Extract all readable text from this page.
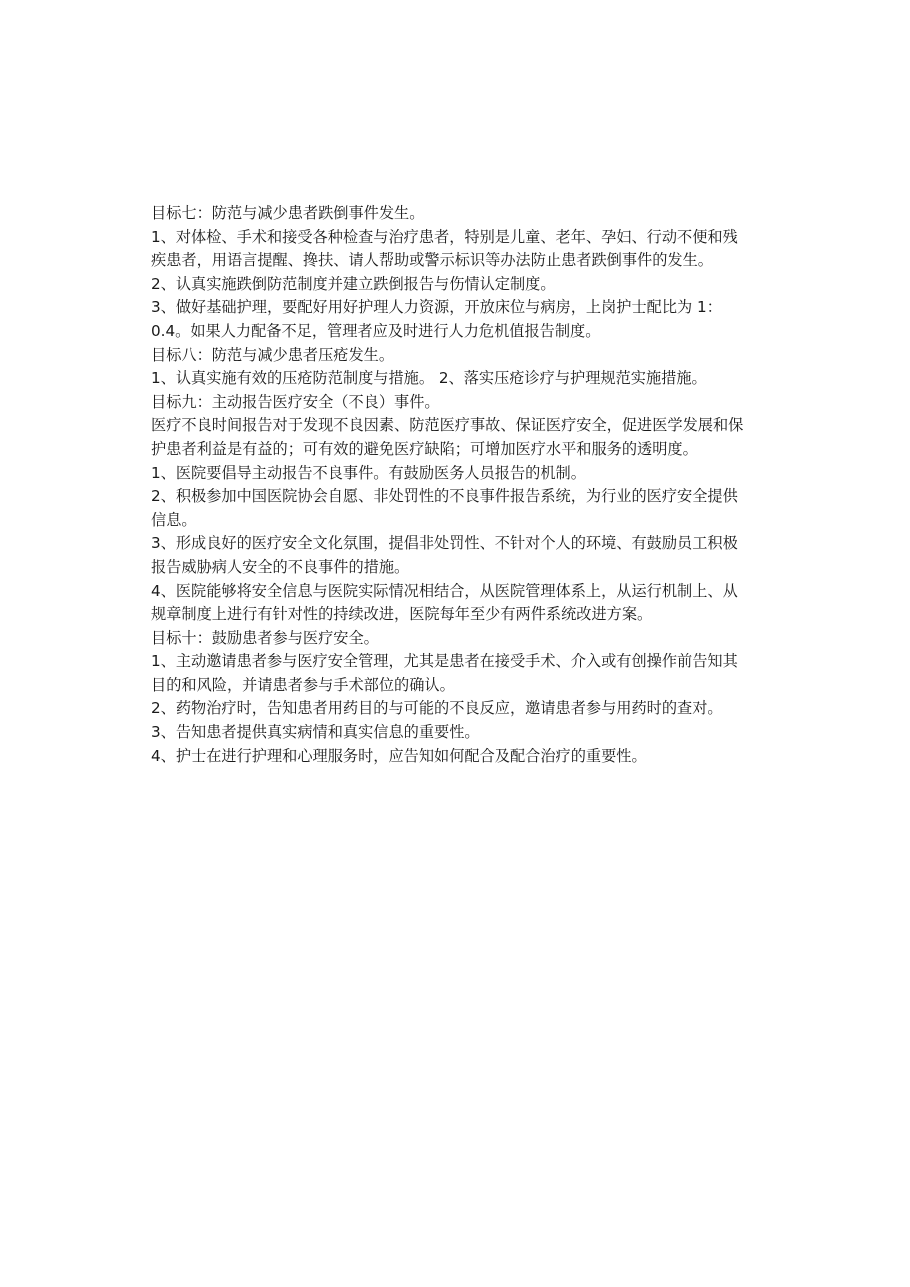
目标七：防范与减少患者跌倒事件发生。
1、对体检、手术和接受各种检查与治疗患者，特别是儿童、老年、孕妇、行动不便和残
疾患者，用语言提醒、搀扶、请人帮助或警示标识等办法防止患者跌倒事件的发生。
2、认真实施跌倒防范制度并建立跌倒报告与伤情认定制度。
3、做好基础护理，要配好用好护理人力资源，开放床位与病房，上岗护士配比为 1：
0.4。如果人力配备不足，管理者应及时进行人力危机值报告制度。
目标八：防范与减少患者压疮发生。
1、认真实施有效的压疮防范制度与措施。 2、落实压疮诊疗与护理规范实施措施。
目标九：主动报告医疗安全（不良）事件。
医疗不良时间报告对于发现不良因素、防范医疗事故、保证医疗安全，促进医学发展和保
护患者利益是有益的；可有效的避免医疗缺陷；可增加医疗水平和服务的透明度。
1、医院要倡导主动报告不良事件。有鼓励医务人员报告的机制。
2、积极参加中国医院协会自愿、非处罚性的不良事件报告系统，为行业的医疗安全提供
信息。
3、形成良好的医疗安全文化氛围，提倡非处罚性、不针对个人的环境、有鼓励员工积极
报告威胁病人安全的不良事件的措施。
4、医院能够将安全信息与医院实际情况相结合，从医院管理体系上，从运行机制上、从
规章制度上进行有针对性的持续改进，医院每年至少有两件系统改进方案。
目标十：鼓励患者参与医疗安全。
1、主动邀请患者参与医疗安全管理，尤其是患者在接受手术、介入或有创操作前告知其
目的和风险，并请患者参与手术部位的确认。
2、药物治疗时，告知患者用药目的与可能的不良反应，邀请患者参与用药时的查对。
3、告知患者提供真实病情和真实信息的重要性。
4、护士在进行护理和心理服务时，应告知如何配合及配合治疗的重要性。
